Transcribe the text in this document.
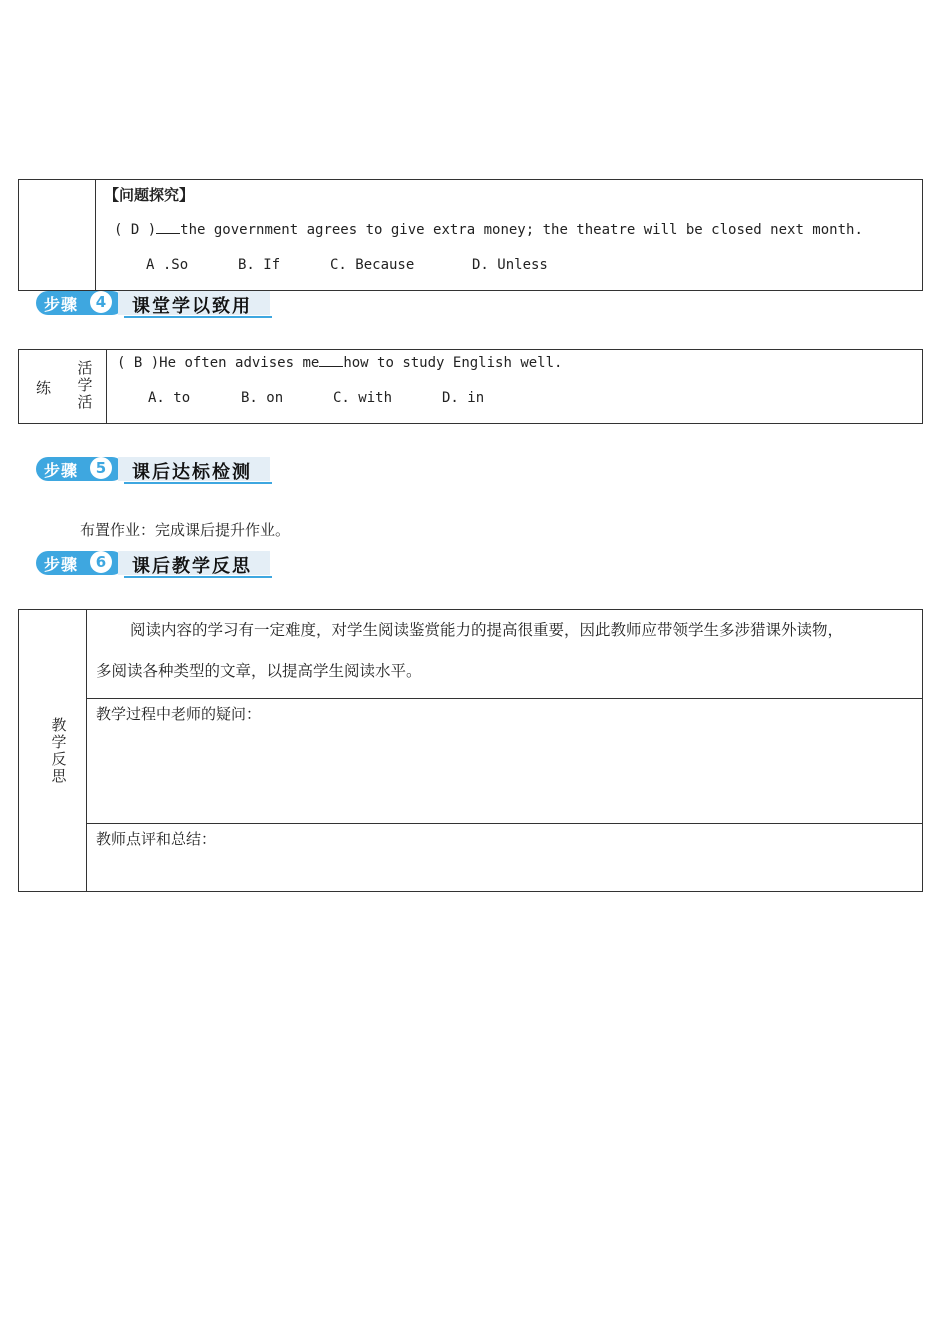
【问题探究】
( D ) the government agrees to give extra money; the theatre will be closed next month.
A .So	B. If	C. Because	D. Unless
步骤	4	课堂学以致用
练
活
学
活
( B )He often advises me how to study English well.
A. to	B. on	C. with	D. in
步骤	5	课后达标检测
布置作业：完成课后提升作业。
步骤	6	课后教学反思
教
学
反
思
阅读内容的学习有一定难度，对学生阅读鉴赏能力的提高很重要，因此教师应带领学生多涉猎课外读物，
多阅读各种类型的文章，以提高学生阅读水平。
教学过程中老师的疑问：
教师点评和总结：
